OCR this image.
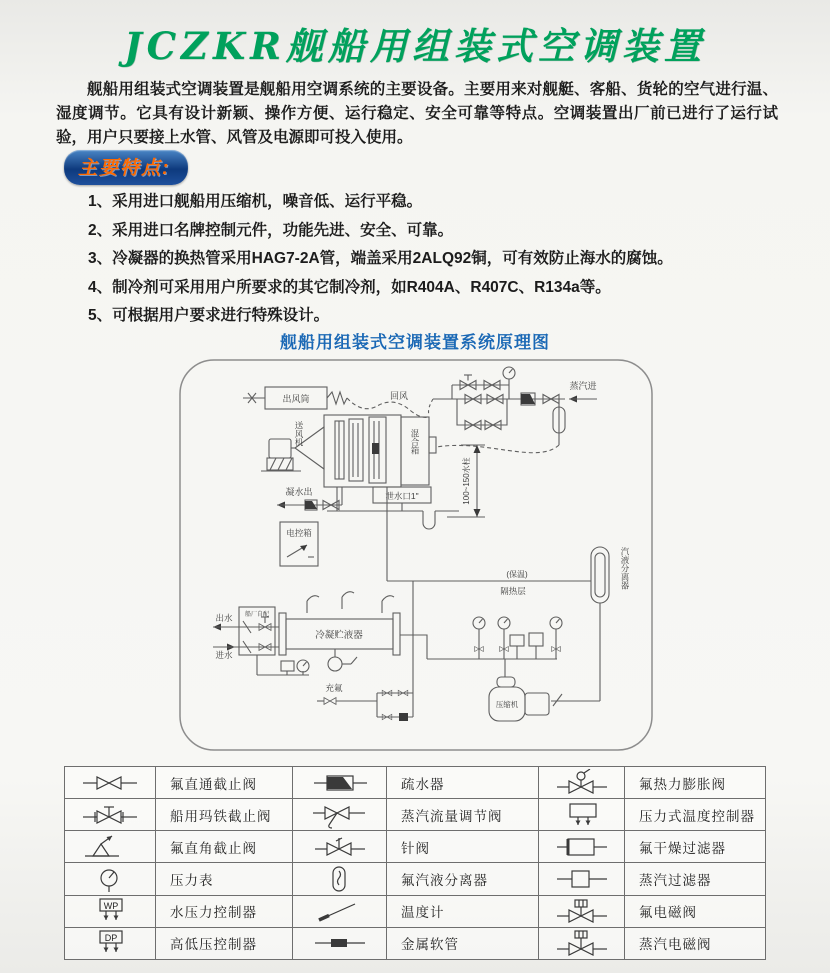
JCZKR舰船用组装式空调装置

舰船用组装式空调装置是舰船用空调系统的主要设备。主要用来对舰艇、客船、货轮的空气进行温、湿度调节。它具有设计新颖、操作方便、运行稳定、安全可靠等特点。空调装置出厂前已进行了运行试验，用户只要接上水管、风管及电源即可投入使用。

主要特点:
1、采用进口舰船用压缩机，噪音低、运行平稳。
2、采用进口名牌控制元件，功能先进、安全、可靠。
3、冷凝器的换热管采用HAG7-2A管，端盖采用2ALQ92铜，可有效防止海水的腐蚀。
4、制冷剂可采用用户所要求的其它制冷剂，如R404A、R407C、R134a等。
5、可根据用户要求进行特殊设计。
舰船用组装式空调装置系统原理图
出风筒
送风机	混合箱
回风
蒸汽进
凝水出	泄水口1"	100~150水柱
电控箱
(保温)
隔热层
汽液分离器
压缩机
冷凝贮液器
船厂自配
出水
进水
充氟
	氟直通截止阀		疏水器		氟热力膨胀阀

	船用玛铁截止阀		蒸汽流量调节阀		压力式温度控制器

	氟直角截止阀		针阀		氟干燥过滤器

	压力表		氟汽液分离器		蒸汽过滤器

WP	水压力控制器		温度计		氟电磁阀

DP	高低压控制器		金属软管		蒸汽电磁阀
